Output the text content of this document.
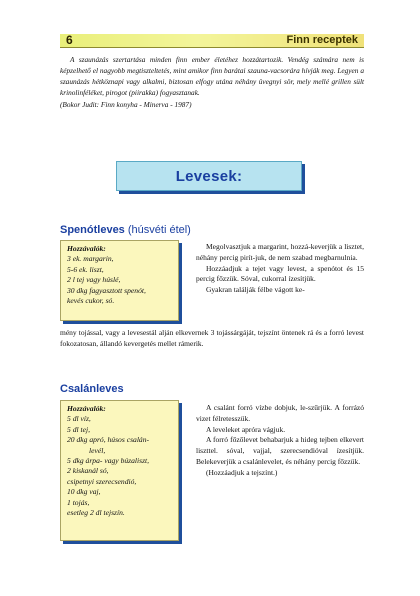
6	Finn receptek

A szaunázás szertartása minden finn ember életéhez hozzátartozik. Vendég számára nem is képzelhető el nagyobb megtiszteltetés, mint amikor finn barátai szauna-vacsorára hívják meg. Legyen a szaunázás hétköznapi vagy alkalmi, biztosan elfogy utána néhány üvegnyi sör, mely mellé grillen sült krinolinféléket, pirogot (piirakka) fogyasztanak.

(Bokor Judit: Finn konyha - Minerva - 1987)

Levesek:
Spenótleves (húsvéti étel)
Hozzávalók:
3 ek. margarin,
5-6 ek. liszt,
2 l tej vagy húslé,
30 dkg fagyasztott spenót,
kevés cukor, só.

Megolvasztjuk a margarint, hozzá-keverjük a lisztet, néhány percig pirít-juk, de nem szabad megbarnulnia.

Hozzáadjuk a tejet vagy levest, a spenótot és 15 percig főzzük. Sóval, cukorral ízesítjük.

Gyakran találják félbe vágott ke-

mény tojással, vagy a levesestál alján elkevernek 3 tojássárgáját, tejszínt öntenek rá és a forró levest fokozatosan, állandó kevergetés mellet rámerik.

Csalánleves
Hozzávalók:
5 dl víz,
5 dl tej,
20 dkg apró, húsos csalán-
levél,
5 dkg árpa- vagy búzaliszt,
2 kiskanál só,
csipetnyi szerecsendió,
10 dkg vaj,
1 tojás,
esetleg 2 dl tejszín.

A csalánt forró vízbe dobjuk, le-szűrjük. A forrázó vizet félretesszük.

A leveleket apróra vágjuk.

A forró főzőlevet behabarjuk a hideg tejben elkevert liszttel. sóval, vajjal, szerecsendióval ízesítjük. Belekeverjük a csalánlevelet, és néhány percig főzzük.

(Hozzáadjuk a tejszínt.)
